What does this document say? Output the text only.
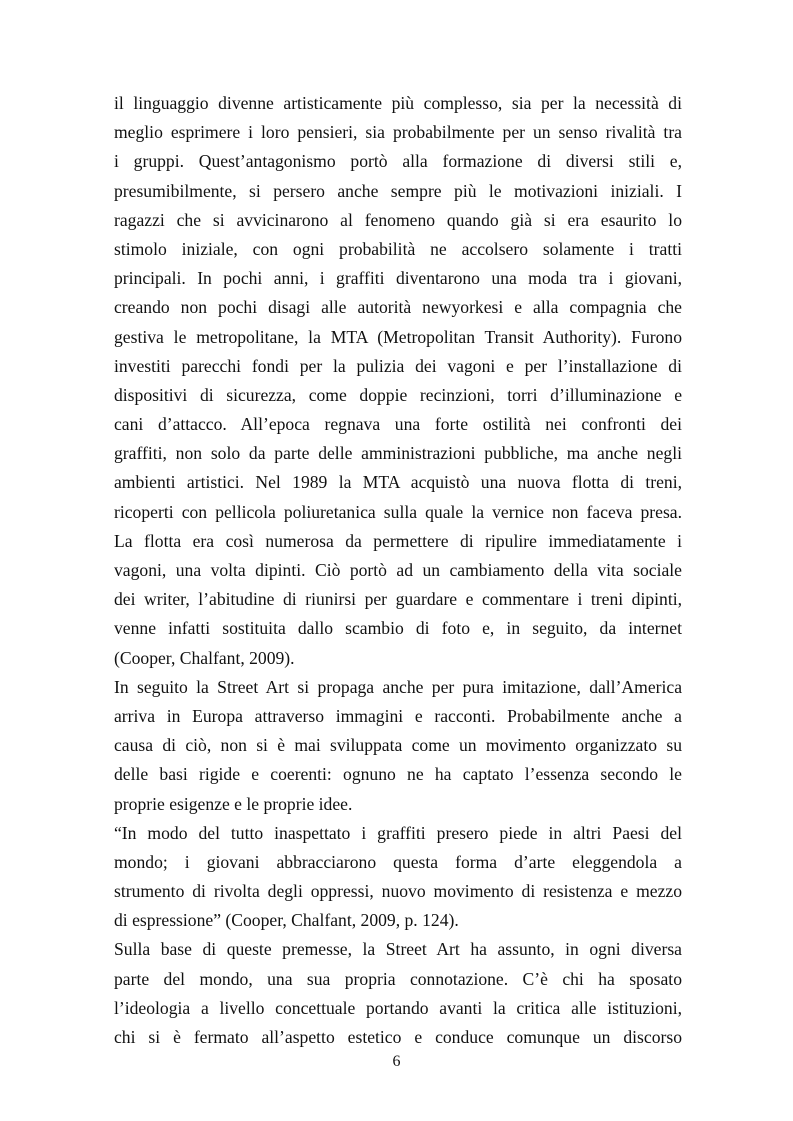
il linguaggio divenne artisticamente più complesso, sia per la necessità di
meglio esprimere i loro pensieri, sia probabilmente per un senso rivalità tra
i gruppi. Quest’antagonismo portò alla formazione di diversi stili e,
presumibilmente, si persero anche sempre più le motivazioni iniziali. I
ragazzi che si avvicinarono al fenomeno quando già si era esaurito lo
stimolo iniziale, con ogni probabilità ne accolsero solamente i tratti
principali. In pochi anni, i graffiti diventarono una moda tra i giovani,
creando non pochi disagi alle autorità newyorkesi e alla compagnia che
gestiva le metropolitane, la MTA (Metropolitan Transit Authority). Furono
investiti parecchi fondi per la pulizia dei vagoni e per l’installazione di
dispositivi di sicurezza, come doppie recinzioni, torri d’illuminazione e
cani d’attacco. All’epoca regnava una forte ostilità nei confronti dei
graffiti, non solo da parte delle amministrazioni pubbliche, ma anche negli
ambienti artistici. Nel 1989 la MTA acquistò una nuova flotta di treni,
ricoperti con pellicola poliuretanica sulla quale la vernice non faceva presa.
La flotta era così numerosa da permettere di ripulire immediatamente i
vagoni, una volta dipinti. Ciò portò ad un cambiamento della vita sociale
dei writer, l’abitudine di riunirsi per guardare e commentare i treni dipinti,
venne infatti sostituita dallo scambio di foto e, in seguito, da internet
(Cooper, Chalfant, 2009).

In seguito la Street Art si propaga anche per pura imitazione, dall’America
arriva in Europa attraverso immagini e racconti. Probabilmente anche a
causa di ciò, non si è mai sviluppata come un movimento organizzato su
delle basi rigide e coerenti: ognuno ne ha captato l’essenza secondo le
proprie esigenze e le proprie idee.

“In modo del tutto inaspettato i graffiti presero piede in altri Paesi del
mondo; i giovani abbracciarono questa forma d’arte eleggendola a
strumento di rivolta degli oppressi, nuovo movimento di resistenza e mezzo
di espressione” (Cooper, Chalfant, 2009, p. 124).

Sulla base di queste premesse, la Street Art ha assunto, in ogni diversa
parte del mondo, una sua propria connotazione. C’è chi ha sposato
l’ideologia a livello concettuale portando avanti la critica alle istituzioni,
chi si è fermato all’aspetto estetico e conduce comunque un discorso

6
